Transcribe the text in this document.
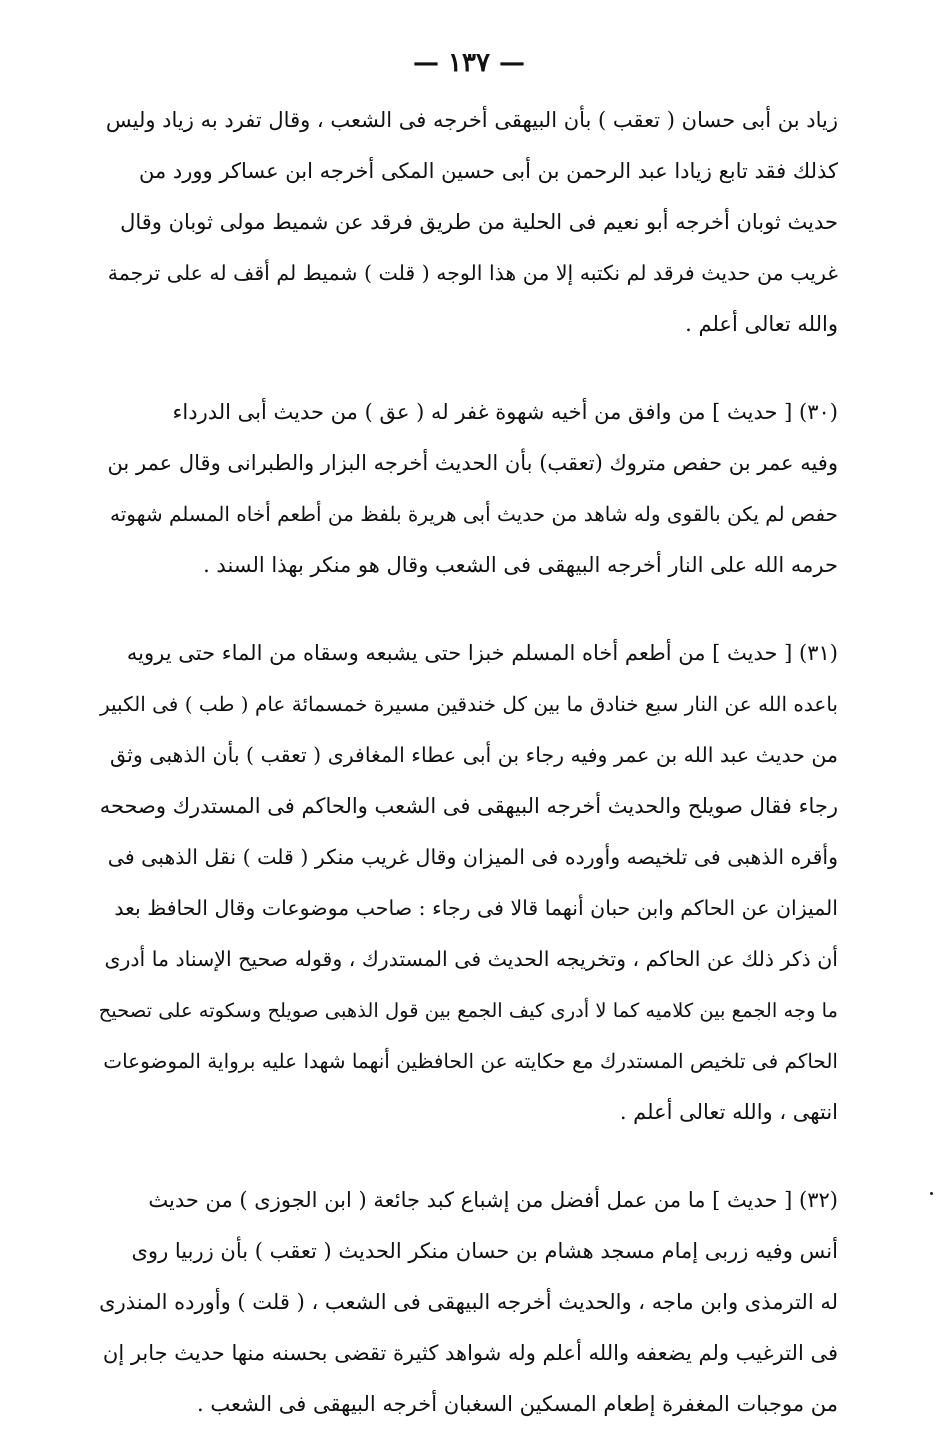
— ١٣٧ —
زياد بن أبى حسان ( تعقب ) بأن البيهقى أخرجه فى الشعب ، وقال تفرد به زياد وليس
كذلك فقد تابع زيادا عبد الرحمن بن أبى حسين المكى أخرجه ابن عساكر وورد من
حديث ثوبان أخرجه أبو نعيم فى الحلية من طريق فرقد عن شميط مولى ثوبان وقال
غريب من حديث فرقد لم نكتبه إلا من هذا الوجه ( قلت ) شميط لم أقف له على ترجمة
والله تعالى أعلم .
(٣٠) [ حديث ] من وافق من أخيه شهوة غفر له ( عق ) من حديث أبى الدرداء
وفيه عمر بن حفص متروك (تعقب) بأن الحديث أخرجه البزار والطبرانى وقال عمر بن
حفص لم يكن بالقوى وله شاهد من حديث أبى هريرة بلفظ من أطعم أخاه المسلم شهوته
حرمه الله على النار أخرجه البيهقى فى الشعب وقال هو منكر بهذا السند .
(٣١) [ حديث ] من أطعم أخاه المسلم خبزا حتى يشبعه وسقاه من الماء حتى يرويه
باعده الله عن النار سبع خنادق ما بين كل خندقين مسيرة خمسمائة عام ( طب ) فى الكبير
من حديث عبد الله بن عمر وفيه رجاء بن أبى عطاء المغافرى ( تعقب ) بأن الذهبى وثق
رجاء فقال صويلح والحديث أخرجه البيهقى فى الشعب والحاكم فى المستدرك وصححه
وأقره الذهبى فى تلخيصه وأورده فى الميزان وقال غريب منكر ( قلت ) نقل الذهبى فى
الميزان عن الحاكم وابن حبان أنهما قالا فى رجاء : صاحب موضوعات وقال الحافظ بعد
أن ذكر ذلك عن الحاكم ، وتخريجه الحديث فى المستدرك ، وقوله صحيح الإسناد ما أدرى
ما وجه الجمع بين كلاميه كما لا أدرى كيف الجمع بين قول الذهبى صويلح وسكوته على تصحيح
الحاكم فى تلخيص المستدرك مع حكايته عن الحافظين أنهما شهدا عليه برواية الموضوعات
انتهى ، والله تعالى أعلم .
(٣٢) [ حديث ] ما من عمل أفضل من إشباع كبد جائعة ( ابن الجوزى ) من حديث
أنس وفيه زربى إمام مسجد هشام بن حسان منكر الحديث ( تعقب ) بأن زربيا روى
له الترمذى وابن ماجه ، والحديث أخرجه البيهقى فى الشعب ، ( قلت ) وأورده المنذرى
فى الترغيب ولم يضعفه والله أعلم وله شواهد كثيرة تقضى بحسنه منها حديث جابر إن
من موجبات المغفرة إطعام المسكين السغبان أخرجه البيهقى فى الشعب .
